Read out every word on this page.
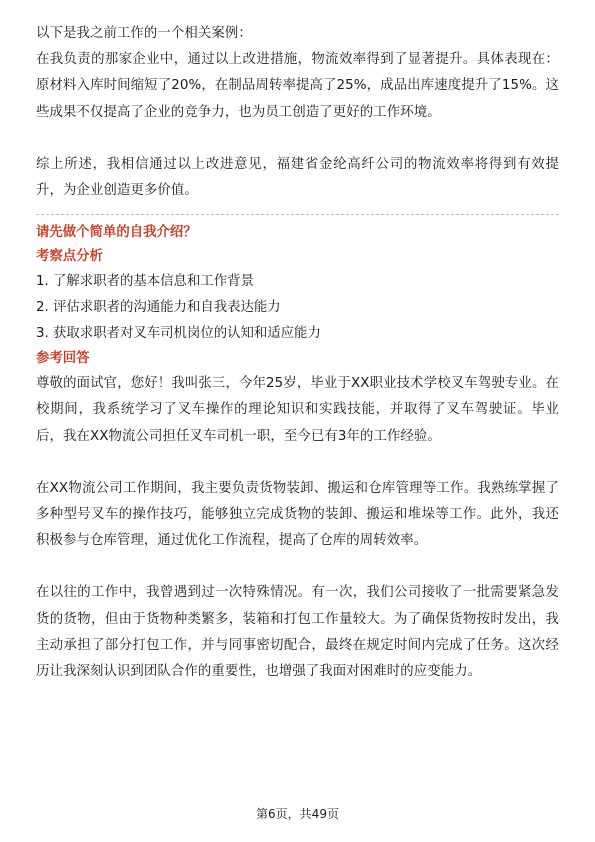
以下是我之前工作的一个相关案例：

在我负责的那家企业中，通过以上改进措施，物流效率得到了显著提升。具体表现在：原材料入库时间缩短了20%，在制品周转率提高了25%，成品出库速度提升了15%。这些成果不仅提高了企业的竞争力，也为员工创造了更好的工作环境。

综上所述，我相信通过以上改进意见，福建省金纶高纤公司的物流效率将得到有效提升，为企业创造更多价值。

请先做个简单的自我介绍？

考察点分析

1. 了解求职者的基本信息和工作背景

2. 评估求职者的沟通能力和自我表达能力

3. 获取求职者对叉车司机岗位的认知和适应能力

参考回答

尊敬的面试官，您好！我叫张三，今年25岁，毕业于XX职业技术学校叉车驾驶专业。在校期间，我系统学习了叉车操作的理论知识和实践技能，并取得了叉车驾驶证。毕业后，我在XX物流公司担任叉车司机一职，至今已有3年的工作经验。

在XX物流公司工作期间，我主要负责货物装卸、搬运和仓库管理等工作。我熟练掌握了多种型号叉车的操作技巧，能够独立完成货物的装卸、搬运和堆垛等工作。此外，我还积极参与仓库管理，通过优化工作流程，提高了仓库的周转效率。

在以往的工作中，我曾遇到过一次特殊情况。有一次，我们公司接收了一批需要紧急发货的货物，但由于货物种类繁多，装箱和打包工作量较大。为了确保货物按时发出，我主动承担了部分打包工作，并与同事密切配合，最终在规定时间内完成了任务。这次经历让我深刻认识到团队合作的重要性，也增强了我面对困难时的应变能力。

第6页，共49页
